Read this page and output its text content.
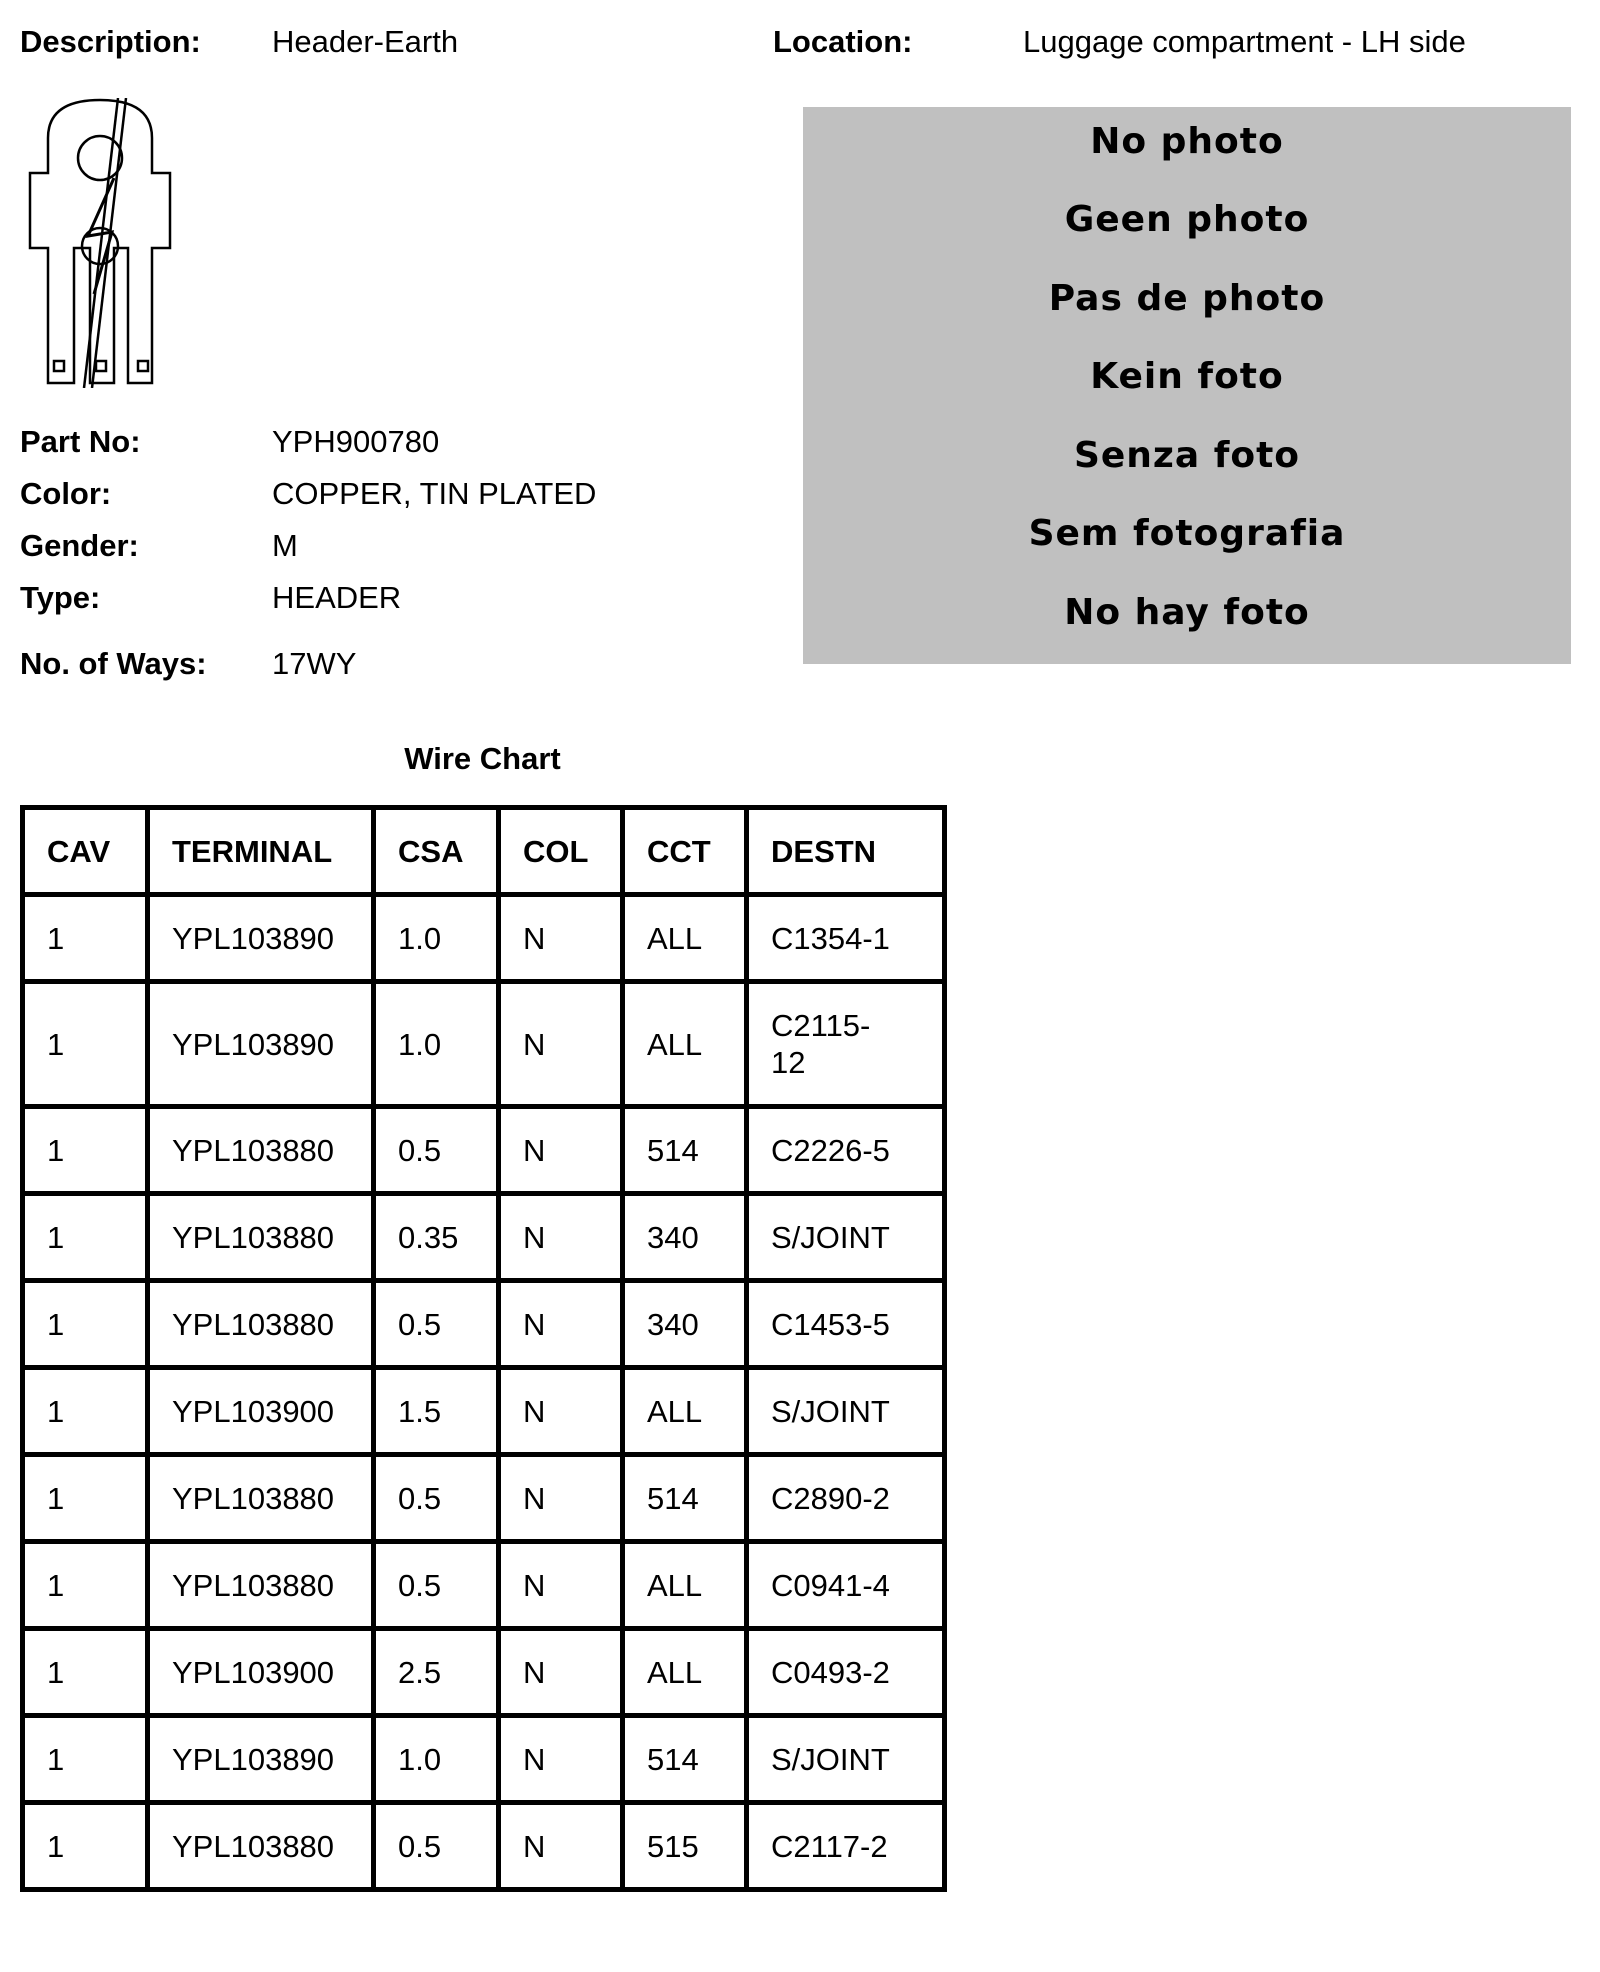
Description: Header-Earth	Location:	Luggage compartment - LH side
No photo
Geen photo
Pas de photo
Kein foto
Senza foto
Sem fotografia
No hay foto
Part No:	YPH900780
Color:	COPPER, TIN PLATED
Gender:	M
Type:	HEADER
No. of Ways: 17WY
Wire Chart
CAV	TERMINAL	CSA	COL	CCT	DESTN
1	YPL103890	1.0	N	ALL	C1354-1
1	YPL103890	1.0	N	ALL	C2115-12
1	YPL103880	0.5	N	514	C2226-5
1	YPL103880	0.35	N	340	S/JOINT
1	YPL103880	0.5	N	340	C1453-5
1	YPL103900	1.5	N	ALL	S/JOINT
1	YPL103880	0.5	N	514	C2890-2
1	YPL103880	0.5	N	ALL	C0941-4
1	YPL103900	2.5	N	ALL	C0493-2
1	YPL103890	1.0	N	514	S/JOINT
1	YPL103880	0.5	N	515	C2117-2
